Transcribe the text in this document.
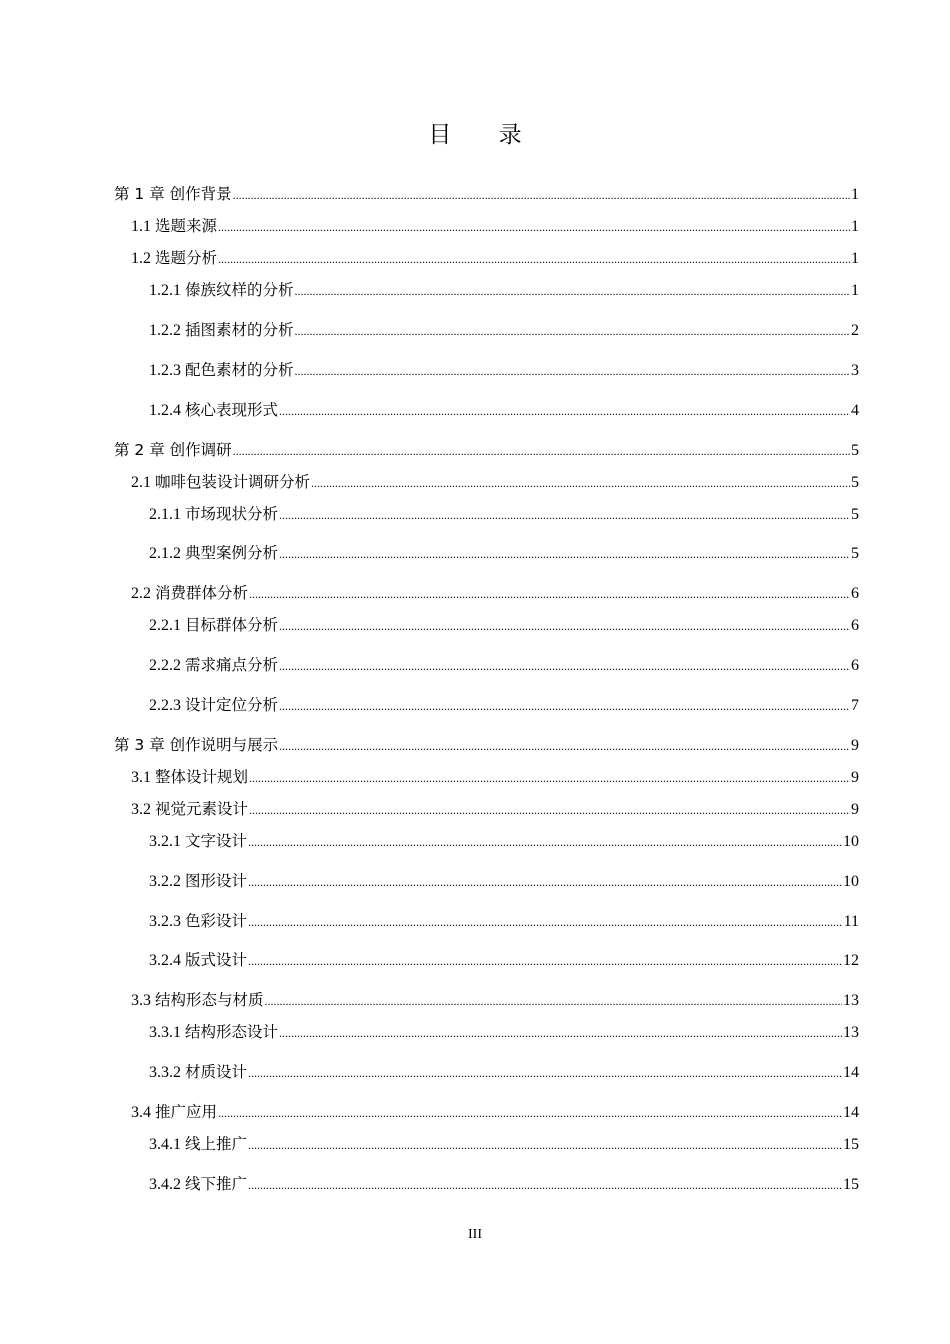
目 录
第 1 章 创作背景 .....	1
1.1 选题来源 .....	1
1.2 选题分析 .....	1
1.2.1 傣族纹样的分析 .....	1
1.2.2 插图素材的分析 .....	2
1.2.3 配色素材的分析 .....	3
1.2.4 核心表现形式 .....	4
第 2 章 创作调研 .....	5
2.1 咖啡包装设计调研分析 .....	5
2.1.1 市场现状分析 .....	5
2.1.2 典型案例分析 .....	5
2.2 消费群体分析 .....	6
2.2.1 目标群体分析 .....	6
2.2.2 需求痛点分析 .....	6
2.2.3 设计定位分析 .....	7
第 3 章 创作说明与展示 .....	9
3.1 整体设计规划 .....	9
3.2 视觉元素设计 .....	9
3.2.1 文字设计 .....	10
3.2.2 图形设计 .....	10
3.2.3 色彩设计 .....	11
3.2.4 版式设计 .....	12
3.3 结构形态与材质 .....	13
3.3.1 结构形态设计 .....	13
3.3.2 材质设计 .....	14
3.4 推广应用 .....	14
3.4.1 线上推广 .....	15
3.4.2 线下推广 .....	15
III
